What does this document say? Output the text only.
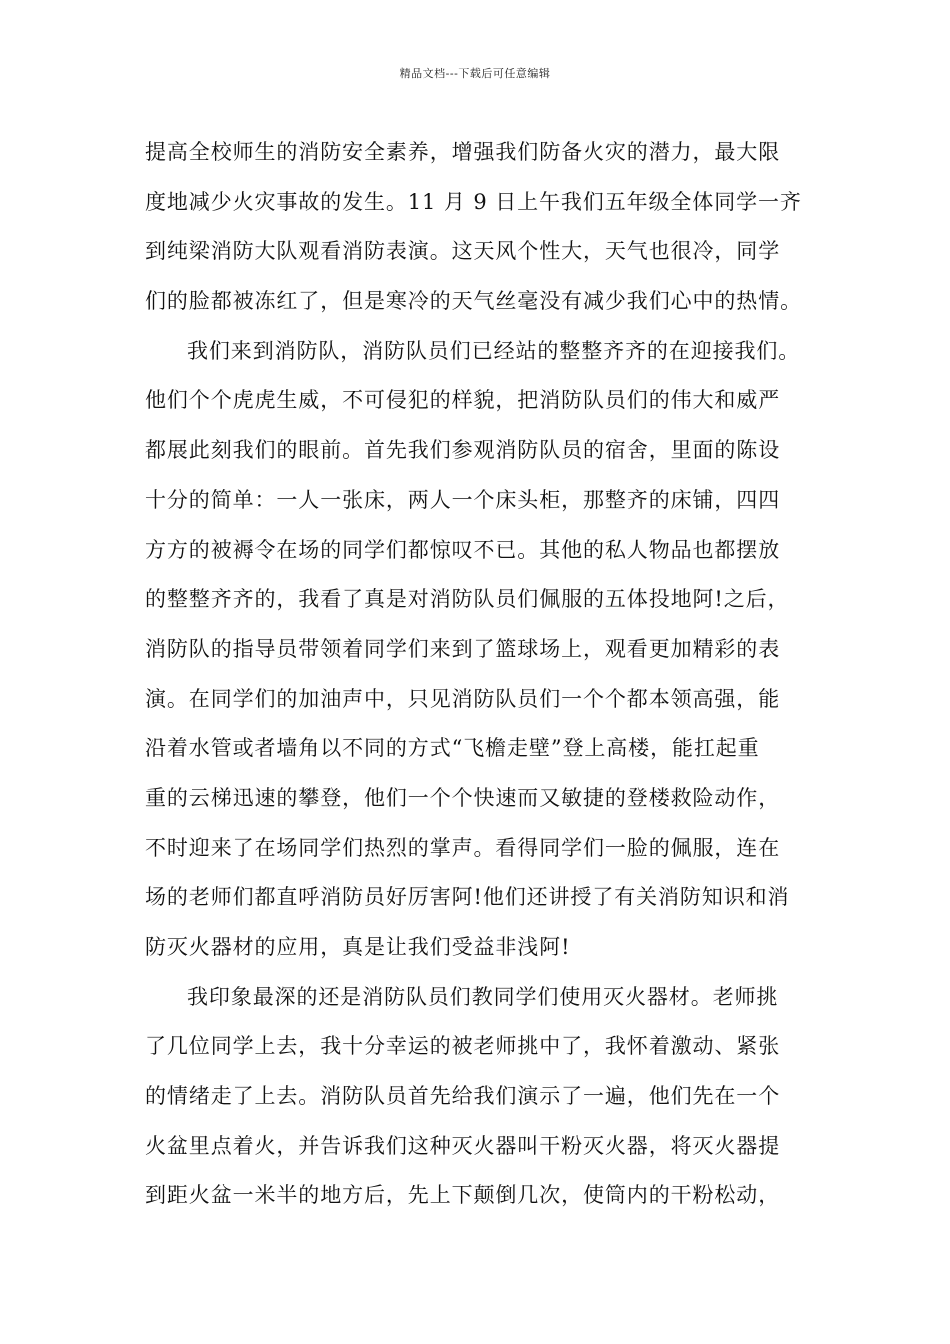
精品文档---下载后可任意编辑
提高全校师生的消防安全素养，增强我们防备火灾的潜力，最大限
度地减少火灾事故的发生。11 月 9 日上午我们五年级全体同学一齐
到纯梁消防大队观看消防表演。这天风个性大，天气也很冷，同学
们的脸都被冻红了，但是寒冷的天气丝毫没有减少我们心中的热情。
我们来到消防队，消防队员们已经站的整整齐齐的在迎接我们。
他们个个虎虎生威，不可侵犯的样貌，把消防队员们的伟大和威严
都展此刻我们的眼前。首先我们参观消防队员的宿舍，里面的陈设
十分的简单：一人一张床，两人一个床头柜，那整齐的床铺，四四
方方的被褥令在场的同学们都惊叹不已。其他的私人物品也都摆放
的整整齐齐的，我看了真是对消防队员们佩服的五体投地阿!之后，
消防队的指导员带领着同学们来到了篮球场上，观看更加精彩的表
演。在同学们的加油声中，只见消防队员们一个个都本领高强，能
沿着水管或者墙角以不同的方式“飞檐走壁”登上高楼，能扛起重
重的云梯迅速的攀登，他们一个个快速而又敏捷的登楼救险动作，
不时迎来了在场同学们热烈的掌声。看得同学们一脸的佩服，连在
场的老师们都直呼消防员好厉害阿!他们还讲授了有关消防知识和消
防灭火器材的应用，真是让我们受益非浅阿!
我印象最深的还是消防队员们教同学们使用灭火器材。老师挑
了几位同学上去，我十分幸运的被老师挑中了，我怀着激动、紧张
的情绪走了上去。消防队员首先给我们演示了一遍，他们先在一个
火盆里点着火，并告诉我们这种灭火器叫干粉灭火器，将灭火器提
到距火盆一米半的地方后，先上下颠倒几次，使筒内的干粉松动，
